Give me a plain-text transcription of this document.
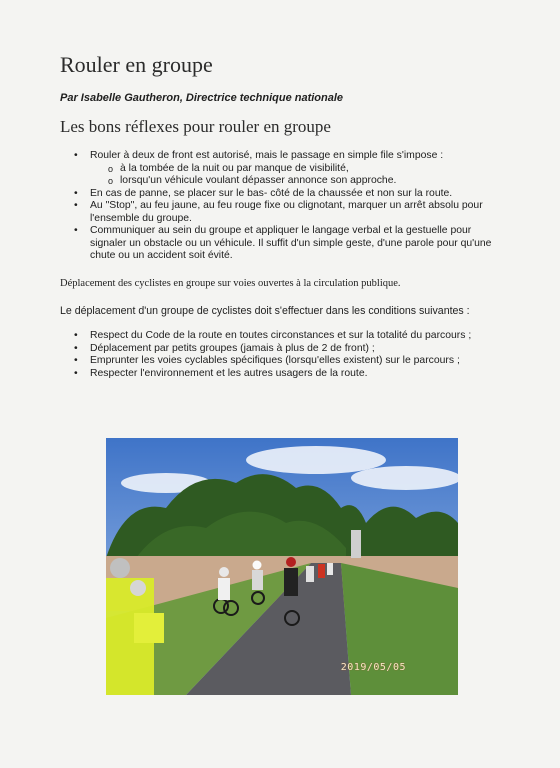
Rouler en groupe

Par Isabelle Gautheron, Directrice technique nationale

Les bons réflexes pour rouler en groupe
• Rouler à deux de front est autorisé, mais le passage en simple file s'impose :
o à la tombée de la nuit ou par manque de visibilité,
o lorsqu'un véhicule voulant dépasser annonce son approche.
• En cas de panne, se placer sur le bas- côté de la chaussée et non sur la route.
• Au "Stop", au feu jaune, au feu rouge fixe ou clignotant, marquer un arrêt absolu pour l'ensemble du groupe.
• Communiquer au sein du groupe et appliquer le langage verbal et la gestuelle pour signaler un obstacle ou un véhicule. Il suffit d'un simple geste, d'une parole pour qu'une chute ou un accident soit évité.

Déplacement des cyclistes en groupe sur voies ouvertes à la circulation publique.

Le déplacement d'un groupe de cyclistes doit s'effectuer dans les conditions suivantes :

• Respect du Code de la route en toutes circonstances et sur la totalité du parcours ;
• Déplacement par petits groupes (jamais à plus de 2 de front) ;
• Emprunter les voies cyclables spécifiques (lorsqu'elles existent) sur le parcours ;
• Respecter l'environnement et les autres usagers de la route.
2019/05/05
